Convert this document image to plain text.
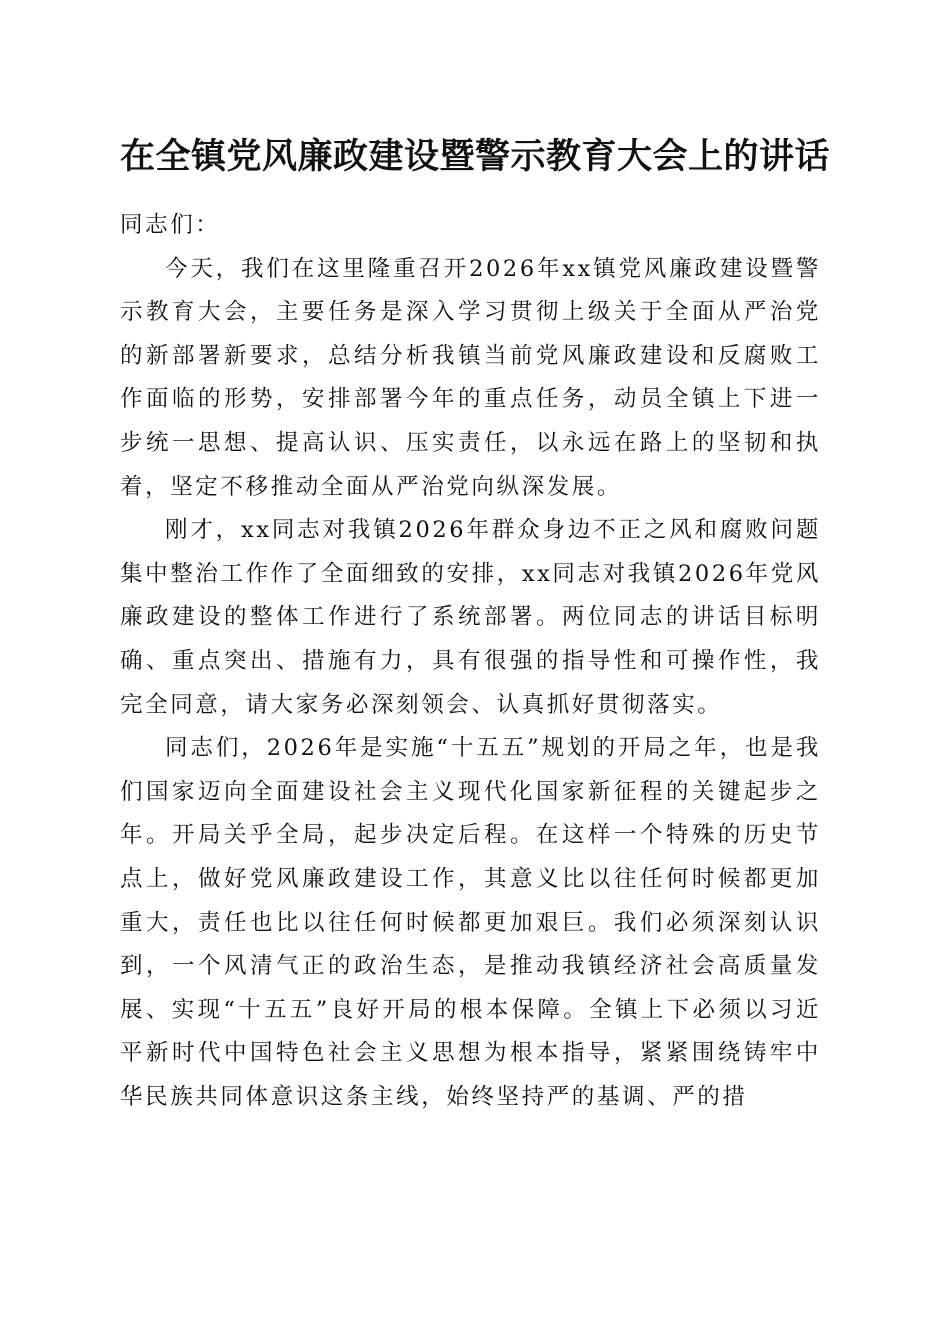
在全镇党风廉政建设暨警示教育大会上的讲话

同志们：

今天，我们在这里隆重召开2026年xx镇党风廉政建设暨警示教育大会，主要任务是深入学习贯彻上级关于全面从严治党的新部署新要求，总结分析我镇当前党风廉政建设和反腐败工作面临的形势，安排部署今年的重点任务，动员全镇上下进一步统一思想、提高认识、压实责任，以永远在路上的坚韧和执着，坚定不移推动全面从严治党向纵深发展。

刚才，xx同志对我镇2026年群众身边不正之风和腐败问题集中整治工作作了全面细致的安排，xx同志对我镇2026年党风廉政建设的整体工作进行了系统部署。两位同志的讲话目标明确、重点突出、措施有力，具有很强的指导性和可操作性，我完全同意，请大家务必深刻领会、认真抓好贯彻落实。

同志们，2026年是实施“十五五”规划的开局之年，也是我们国家迈向全面建设社会主义现代化国家新征程的关键起步之年。开局关乎全局，起步决定后程。在这样一个特殊的历史节点上，做好党风廉政建设工作，其意义比以往任何时候都更加重大，责任也比以往任何时候都更加艰巨。我们必须深刻认识到，一个风清气正的政治生态，是推动我镇经济社会高质量发展、实现“十五五”良好开局的根本保障。全镇上下必须以习近平新时代中国特色社会主义思想为根本指导，紧紧围绕铸牢中华民族共同体意识这条主线，始终坚持严的基调、严的措
